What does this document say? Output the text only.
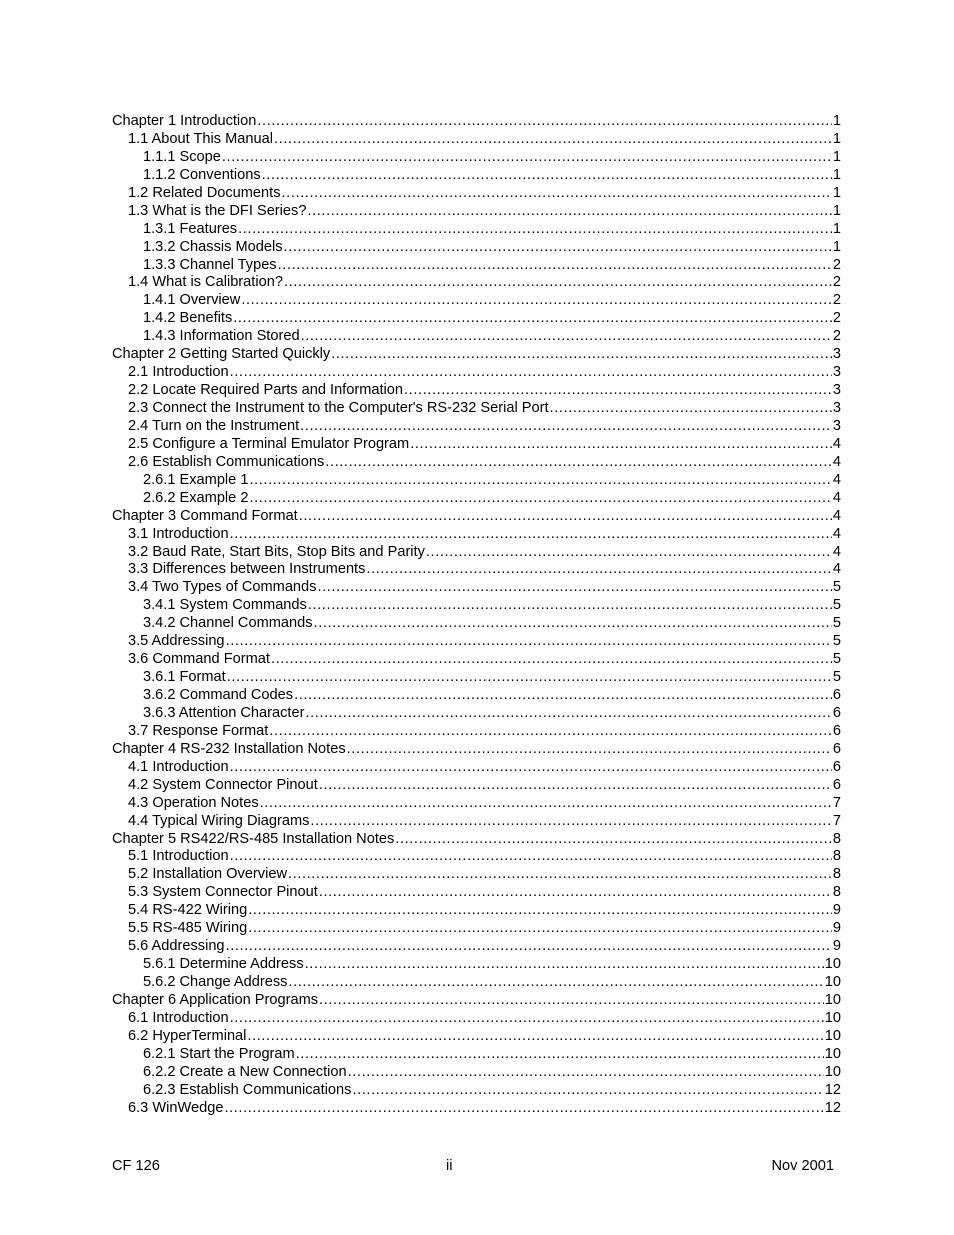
Chapter 1 Introduction .....	1
1.1 About This Manual .....	1
1.1.1 Scope .....	1
1.1.2 Conventions .....	1
1.2 Related Documents .....	1
1.3 What is the DFI Series? .....	1
1.3.1 Features .....	1
1.3.2 Chassis Models .....	1
1.3.3 Channel Types .....	2
1.4 What is Calibration? .....	2
1.4.1 Overview .....	2
1.4.2 Benefits .....	2
1.4.3 Information Stored .....	2
Chapter 2 Getting Started Quickly .....	3
2.1 Introduction .....	3
2.2 Locate Required Parts and Information .....	3
2.3 Connect the Instrument to the Computer's RS-232 Serial Port .....	3
2.4 Turn on the Instrument .....	3
2.5 Configure a Terminal Emulator Program .....	4
2.6 Establish Communications .....	4
2.6.1 Example 1 .....	4
2.6.2 Example 2 .....	4
Chapter 3 Command Format .....	4
3.1 Introduction .....	4
3.2 Baud Rate, Start Bits, Stop Bits and Parity .....	4
3.3 Differences between Instruments .....	4
3.4 Two Types of Commands .....	5
3.4.1 System Commands .....	5
3.4.2 Channel Commands .....	5
3.5 Addressing .....	5
3.6 Command Format .....	5
3.6.1 Format .....	5
3.6.2 Command Codes .....	6
3.6.3 Attention Character .....	6
3.7 Response Format .....	6
Chapter 4 RS-232 Installation Notes .....	6
4.1 Introduction .....	6
4.2 System Connector Pinout .....	6
4.3 Operation Notes .....	7
4.4 Typical Wiring Diagrams .....	7
Chapter 5 RS422/RS-485 Installation Notes .....	8
5.1 Introduction .....	8
5.2 Installation Overview .....	8
5.3 System Connector Pinout .....	8
5.4 RS-422 Wiring .....	9
5.5 RS-485 Wiring .....	9
5.6 Addressing .....	9
5.6.1 Determine Address .....	10
5.6.2 Change Address .....	10
Chapter 6 Application Programs .....	10
6.1 Introduction .....	10
6.2 HyperTerminal .....	10
6.2.1 Start the Program .....	10
6.2.2 Create a New Connection .....	10
6.2.3 Establish Communications .....	12
6.3 WinWedge .....	12
CF 126	ii	Nov 2001
